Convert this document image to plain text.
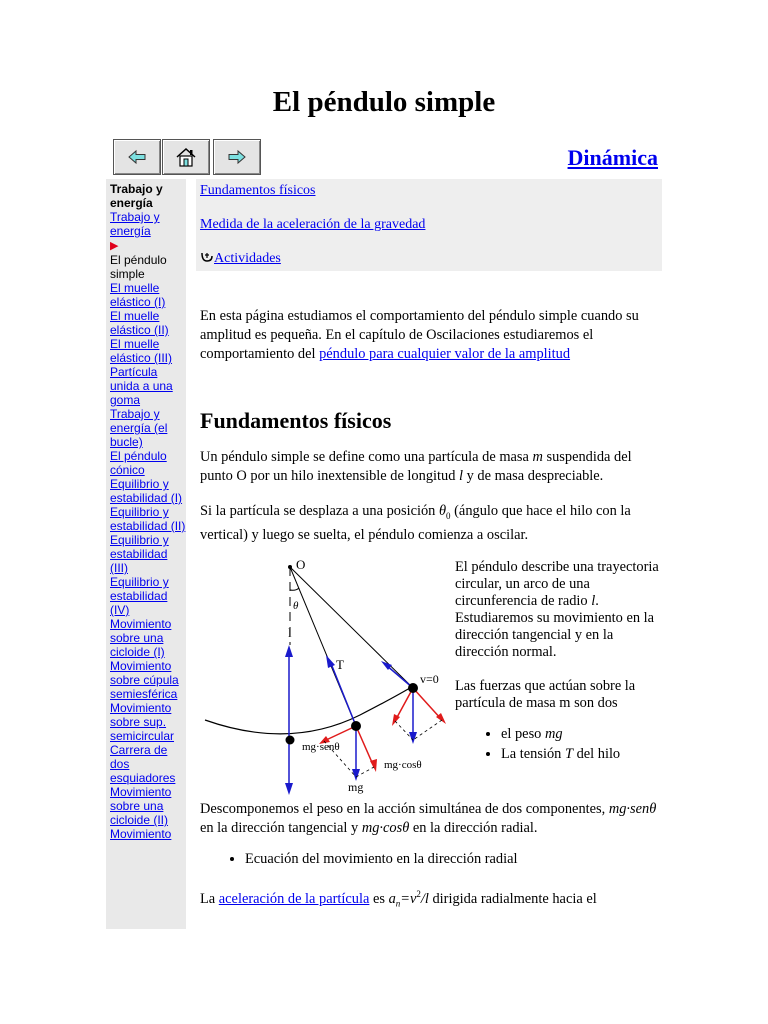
El péndulo simple
Dinámica
Trabajo y energía
Trabajo y energía
▶
El péndulo simple
El muelle elástico (I)
El muelle elástico (II)
El muelle elástico (III)
Partícula unida a una goma
Trabajo y energía (el bucle)
El péndulo cónico
Equilibrio y estabilidad (I)
Equilibrio y estabilidad (II)
Equilibrio y estabilidad (III)
Equilibrio y estabilidad (IV)
Movimiento sobre una cicloide (I)
Movimiento sobre cúpula semiesférica
Movimiento sobre sup. semicircular
Carrera de dos esquiadores
Movimiento sobre una cicloide (II)
Movimiento
Fundamentos físicos
Medida de la aceleración de la gravedad
Actividades

En esta página estudiamos el comportamiento del péndulo simple cuando su amplitud es pequeña. En el capítulo de Oscilaciones estudiaremos el comportamiento del péndulo para cualquier valor de la amplitud

Fundamentos físicos

Un péndulo simple se define como una partícula de masa m suspendida del punto O por un hilo inextensible de longitud l y de masa despreciable.

Si la partícula se desplaza a una posición $\theta_0$ (ángulo que hace el hilo con la vertical) y luego se suelta, el péndulo comienza a oscilar.

O
θ
l
T
v=0
mg·senθ
mg·cosθ
mg

El péndulo describe una trayectoria circular, un arco de una circunferencia de radio l. Estudiaremos su movimiento en la dirección tangencial y en la dirección normal.

Las fuerzas que actúan sobre la partícula de masa m son dos

• el peso mg
• La tensión T del hilo

Descomponemos el peso en la acción simultánea de dos componentes, mg·senθ en la dirección tangencial y mg·cosθ en la dirección radial.

• Ecuación del movimiento en la dirección radial

La aceleración de la partícula es $a_n=v^2/l$ dirigida radialmente hacia el
